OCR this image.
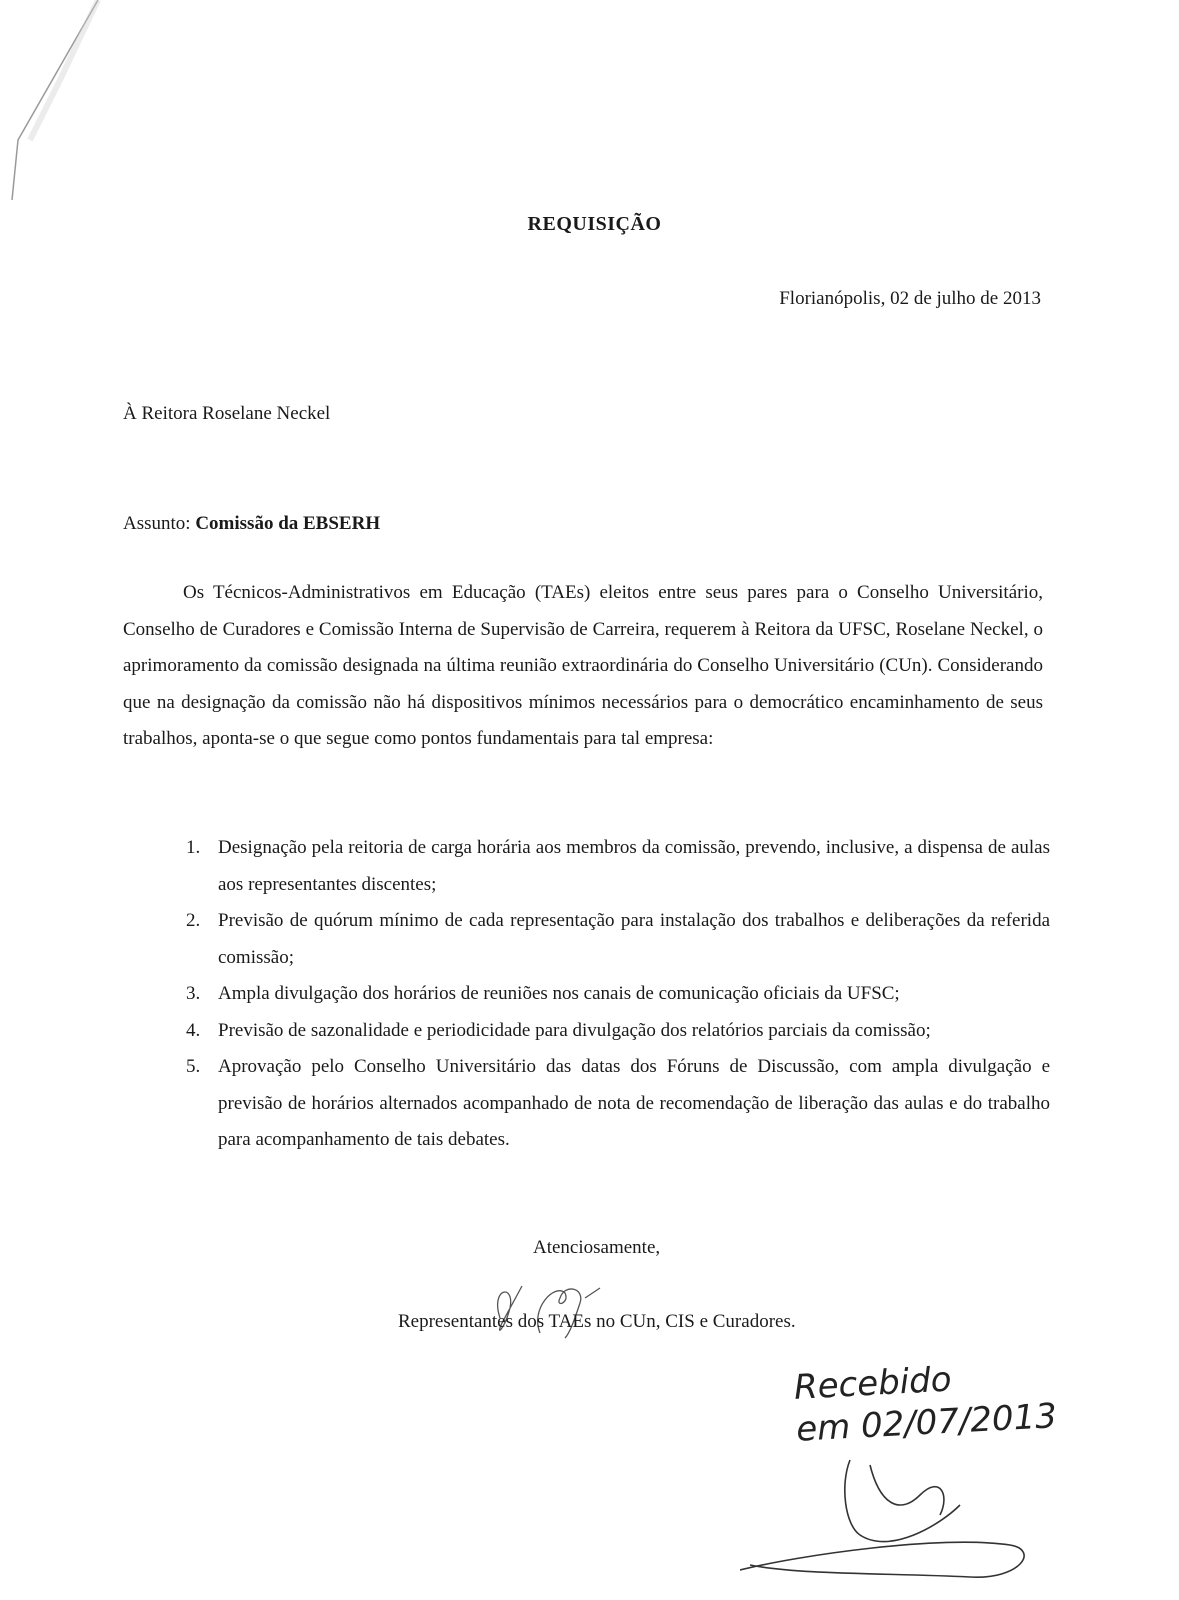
REQUISIÇÃO
Florianópolis, 02 de julho de 2013
À Reitora Roselane Neckel
Assunto: Comissão da EBSERH

Os Técnicos-Administrativos em Educação (TAEs) eleitos entre seus pares para o Conselho Universitário, Conselho de Curadores e Comissão Interna de Supervisão de Carreira, requerem à Reitora da UFSC, Roselane Neckel, o aprimoramento da comissão designada na última reunião extraordinária do Conselho Universitário (CUn). Considerando que na designação da comissão não há dispositivos mínimos necessários para o democrático encaminhamento de seus trabalhos, aponta-se o que segue como pontos fundamentais para tal empresa:

1. Designação pela reitoria de carga horária aos membros da comissão, prevendo, inclusive, a dispensa de aulas aos representantes discentes;
2. Previsão de quórum mínimo de cada representação para instalação dos trabalhos e deliberações da referida comissão;
3. Ampla divulgação dos horários de reuniões nos canais de comunicação oficiais da UFSC;
4. Previsão de sazonalidade e periodicidade para divulgação dos relatórios parciais da comissão;
5. Aprovação pelo Conselho Universitário das datas dos Fóruns de Discussão, com ampla divulgação e previsão de horários alternados acompanhado de nota de recomendação de liberação das aulas e do trabalho para acompanhamento de tais debates.
Atenciosamente,
Representantes dos TAEs no CUn, CIS e Curadores.
Recebido
em 02/07/2013
